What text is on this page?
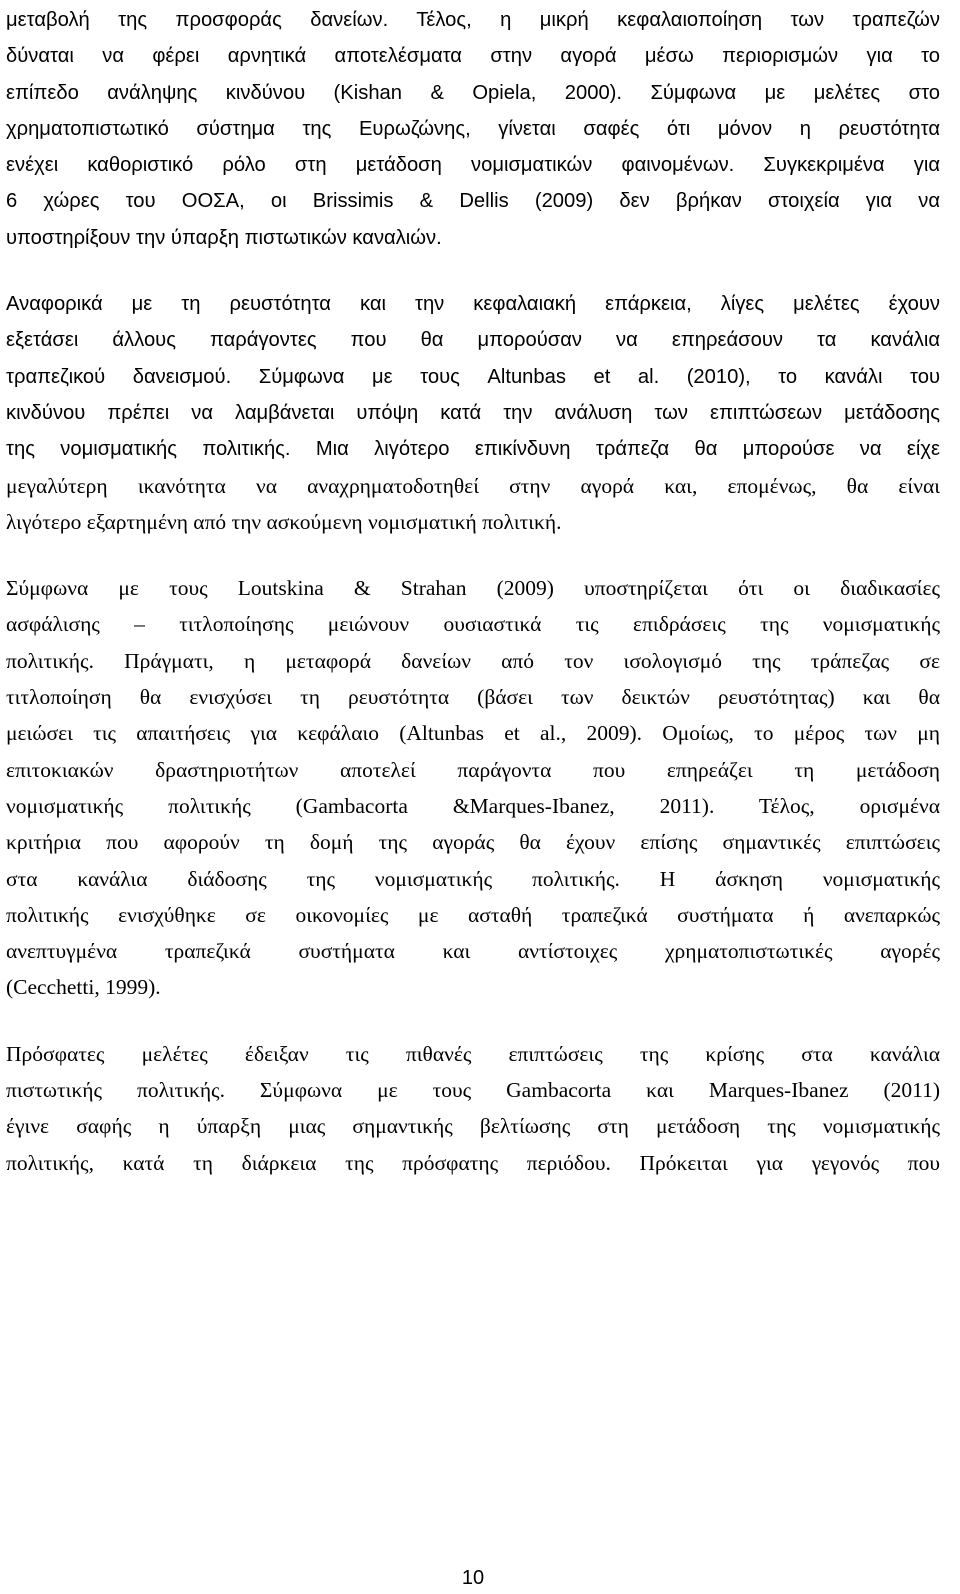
μεταβολή της προσφοράς δανείων. Τέλος, η μικρή κεφαλαιοποίηση των τραπεζών
δύναται να φέρει αρνητικά αποτελέσματα στην αγορά μέσω περιορισμών για το
επίπεδο ανάληψης κινδύνου (Kishan & Opiela, 2000). Σύμφωνα με μελέτες στο
χρηματοπιστωτικό σύστημα της Ευρωζώνης, γίνεται σαφές ότι μόνον η ρευστότητα
ενέχει καθοριστικό ρόλο στη μετάδοση νομισματικών φαινομένων. Συγκεκριμένα για
6 χώρες του ΟΟΣΑ, οι Brissimis & Dellis (2009) δεν βρήκαν στοιχεία για να
υποστηρίξουν την ύπαρξη πιστωτικών καναλιών.

Αναφορικά με τη ρευστότητα και την κεφαλαιακή επάρκεια, λίγες μελέτες έχουν
εξετάσει άλλους παράγοντες που θα μπορούσαν να επηρεάσουν τα κανάλια
τραπεζικού δανεισμού. Σύμφωνα με τους Altunbas et al. (2010), το κανάλι του
κινδύνου πρέπει να λαμβάνεται υπόψη κατά την ανάλυση των επιπτώσεων μετάδοσης
της νομισματικής πολιτικής. Μια λιγότερο επικίνδυνη τράπεζα θα μπορούσε να είχε
μεγαλύτερη ικανότητα να αναχρηματοδοτηθεί στην αγορά και, επομένως, θα είναι
λιγότερο εξαρτημένη από την ασκούμενη νομισματική πολιτική.

Σύμφωνα με τους Loutskina & Strahan (2009) υποστηρίζεται ότι οι διαδικασίες
ασφάλισης – τιτλοποίησης μειώνουν ουσιαστικά τις επιδράσεις της νομισματικής
πολιτικής. Πράγματι, η μεταφορά δανείων από τον ισολογισμό της τράπεζας σε
τιτλοποίηση θα ενισχύσει τη ρευστότητα (βάσει των δεικτών ρευστότητας) και θα
μειώσει τις απαιτήσεις για κεφάλαιο (Altunbas et al., 2009). Ομοίως, το μέρος των μη
επιτοκιακών δραστηριοτήτων αποτελεί παράγοντα που επηρεάζει τη μετάδοση
νομισματικής πολιτικής (Gambacorta &Marques-Ibanez, 2011). Τέλος, ορισμένα
κριτήρια που αφορούν τη δομή της αγοράς θα έχουν επίσης σημαντικές επιπτώσεις
στα κανάλια διάδοσης της νομισματικής πολιτικής. Η άσκηση νομισματικής
πολιτικής ενισχύθηκε σε οικονομίες με ασταθή τραπεζικά συστήματα ή ανεπαρκώς
ανεπτυγμένα τραπεζικά συστήματα και αντίστοιχες χρηματοπιστωτικές αγορές
(Cecchetti, 1999).

Πρόσφατες μελέτες έδειξαν τις πιθανές επιπτώσεις της κρίσης στα κανάλια
πιστωτικής πολιτικής. Σύμφωνα με τους Gambacorta και Marques-Ibanez (2011)
έγινε σαφής η ύπαρξη μιας σημαντικής βελτίωσης στη μετάδοση της νομισματικής
πολιτικής, κατά τη διάρκεια της πρόσφατης περιόδου. Πρόκειται για γεγονός που

10
